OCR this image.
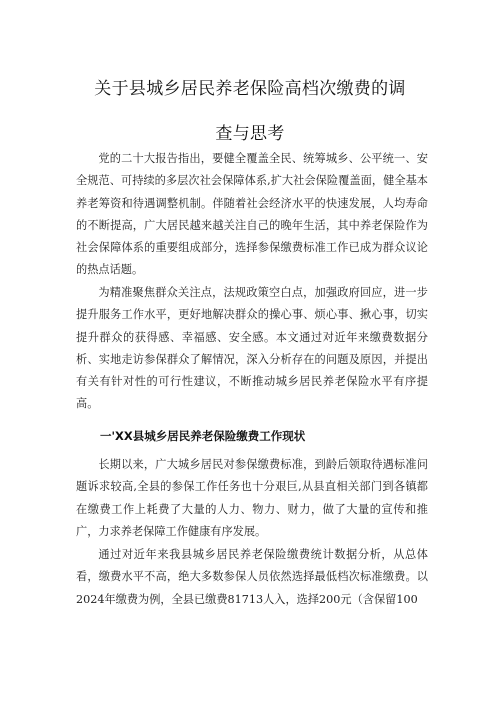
关于县城乡居民养老保险高档次缴费的调
查与思考

党的二十大报告指出，要健全覆盖全民、统筹城乡、公平统一、安全规范、可持续的多层次社会保障体系,扩大社会保险覆盖面，健全基本养老筹资和待遇调整机制。伴随着社会经济水平的快速发展，人均寿命的不断提高，广大居民越来越关注自己的晚年生活，其中养老保险作为社会保障体系的重要组成部分，选择参保缴费标准工作已成为群众议论的热点话题。

为精准聚焦群众关注点，法规政策空白点，加强政府回应，进一步提升服务工作水平，更好地解决群众的操心事、烦心事、揪心事，切实提升群众的获得感、幸福感、安全感。本文通过对近年来缴费数据分析、实地走访参保群众了解情况，深入分析存在的问题及原因，并提出有关有针对性的可行性建议，不断推动城乡居民养老保险水平有序提高。

一'XX县城乡居民养老保险缴费工作现状

长期以来，广大城乡居民对参保缴费标准，到龄后领取待遇标准问题诉求较高,全县的参保工作任务也十分艰巨,从县直相关部门到各镇都在缴费工作上耗费了大量的人力、物力、财力，做了大量的宣传和推广，力求养老保障工作健康有序发展。

通过对近年来我县城乡居民养老保险缴费统计数据分析，从总体看，缴费水平不高，绝大多数参保人员依然选择最低档次标准缴费。以2024年缴费为例，全县已缴费81713人入，选择200元（含保留100
